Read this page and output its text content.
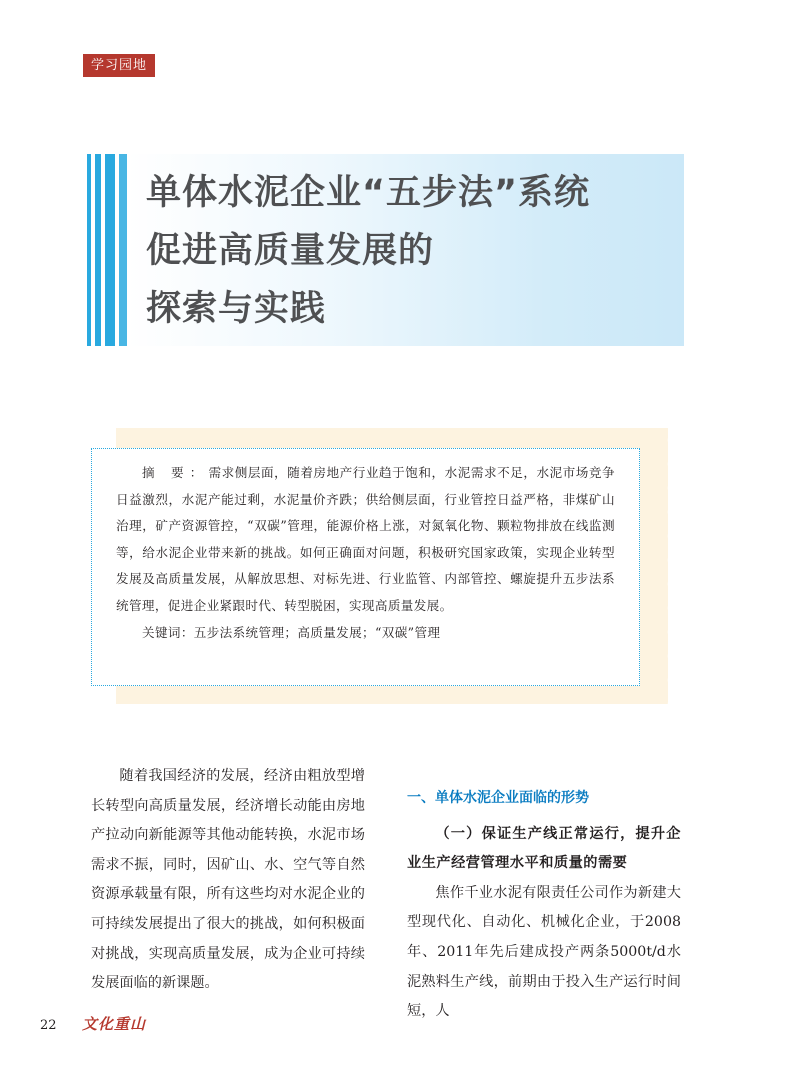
学习园地
单体水泥企业“五步法”系统
促进高质量发展的
探索与实践

摘 要：需求侧层面，随着房地产行业趋于饱和，水泥需求不足，水泥市场竞争日益激烈，水泥产能过剩，水泥量价齐跌；供给侧层面，行业管控日益严格，非煤矿山治理，矿产资源管控，“双碳”管理，能源价格上涨，对氮氧化物、颗粒物排放在线监测等，给水泥企业带来新的挑战。如何正确面对问题，积极研究国家政策，实现企业转型发展及高质量发展，从解放思想、对标先进、行业监管、内部管控、螺旋提升五步法系统管理，促进企业紧跟时代、转型脱困，实现高质量发展。

关键词：五步法系统管理；高质量发展；“双碳”管理

随着我国经济的发展，经济由粗放型增长转型向高质量发展，经济增长动能由房地产拉动向新能源等其他动能转换，水泥市场需求不振，同时，因矿山、水、空气等自然资源承载量有限，所有这些均对水泥企业的可持续发展提出了很大的挑战，如何积极面对挑战，实现高质量发展，成为企业可持续发展面临的新课题。

一、单体水泥企业面临的形势

（一）保证生产线正常运行，提升企业生产经营管理水平和质量的需要

焦作千业水泥有限责任公司作为新建大型现代化、自动化、机械化企业，于2008年、2011年先后建成投产两条5000t/d水泥熟料生产线，前期由于投入生产运行时间短，人

22 文化重山
